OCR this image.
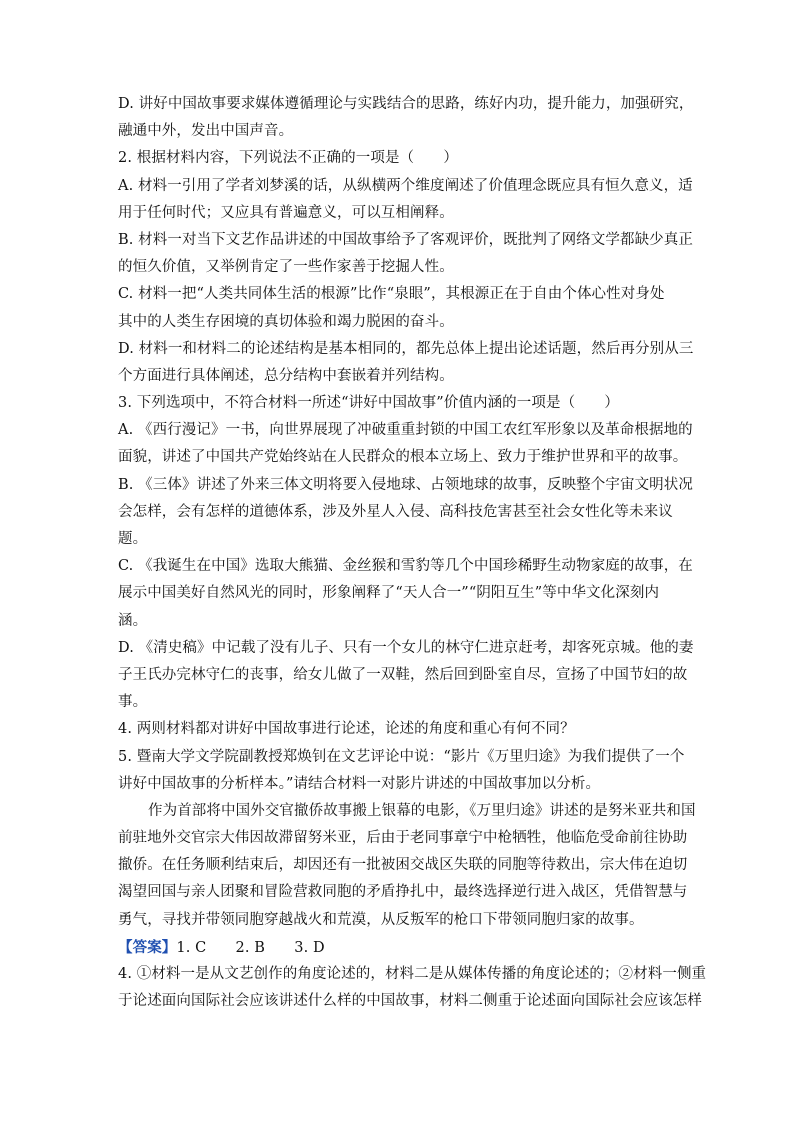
D. 讲好中国故事要求媒体遵循理论与实践结合的思路，练好内功，提升能力，加强研究，
融通中外，发出中国声音。
2. 根据材料内容，下列说法不正确的一项是（　　）
A. 材料一引用了学者刘梦溪的话，从纵横两个维度阐述了价值理念既应具有恒久意义，适
用于任何时代；又应具有普遍意义，可以互相阐释。
B. 材料一对当下文艺作品讲述的中国故事给予了客观评价，既批判了网络文学都缺少真正
的恒久价值，又举例肯定了一些作家善于挖掘人性。
C. 材料一把“人类共同体生活的根源”比作“泉眼”，其根源正在于自由个体心性对身处
其中的人类生存困境的真切体验和竭力脱困的奋斗。
D. 材料一和材料二的论述结构是基本相同的，都先总体上提出论述话题，然后再分别从三
个方面进行具体阐述，总分结构中套嵌着并列结构。
3. 下列选项中，不符合材料一所述“讲好中国故事”价值内涵的一项是（　　）
A. 《西行漫记》一书，向世界展现了冲破重重封锁的中国工农红军形象以及革命根据地的
面貌，讲述了中国共产党始终站在人民群众的根本立场上、致力于维护世界和平的故事。
B. 《三体》讲述了外来三体文明将要入侵地球、占领地球的故事，反映整个宇宙文明状况
会怎样，会有怎样的道德体系，涉及外星人入侵、高科技危害甚至社会女性化等未来议
题。
C. 《我诞生在中国》选取大熊猫、金丝猴和雪豹等几个中国珍稀野生动物家庭的故事，在
展示中国美好自然风光的同时，形象阐释了“天人合一”“阴阳互生”等中华文化深刻内
涵。
D. 《清史稿》中记载了没有儿子、只有一个女儿的林守仁进京赶考，却客死京城。他的妻
子王氏办完林守仁的丧事，给女儿做了一双鞋，然后回到卧室自尽，宣扬了中国节妇的故
事。
4. 两则材料都对讲好中国故事进行论述，论述的角度和重心有何不同？
5. 暨南大学文学院副教授郑焕钊在文艺评论中说：“影片《万里归途》为我们提供了一个
讲好中国故事的分析样本。”请结合材料一对影片讲述的中国故事加以分析。
作为首部将中国外交官撤侨故事搬上银幕的电影，《万里归途》讲述的是努米亚共和国
前驻地外交官宗大伟因故滞留努米亚，后由于老同事章宁中枪牺牲，他临危受命前往协助
撤侨。在任务顺利结束后，却因还有一批被困交战区失联的同胞等待救出，宗大伟在迫切
渴望回国与亲人团聚和冒险营救同胞的矛盾挣扎中，最终选择逆行进入战区，凭借智慧与
勇气，寻找并带领同胞穿越战火和荒漠，从反叛军的枪口下带领同胞归家的故事。
【答案】1. C　　2. B　　3. D
4. ①材料一是从文艺创作的角度论述的，材料二是从媒体传播的角度论述的；②材料一侧重
于论述面向国际社会应该讲述什么样的中国故事，材料二侧重于论述面向国际社会应该怎样
